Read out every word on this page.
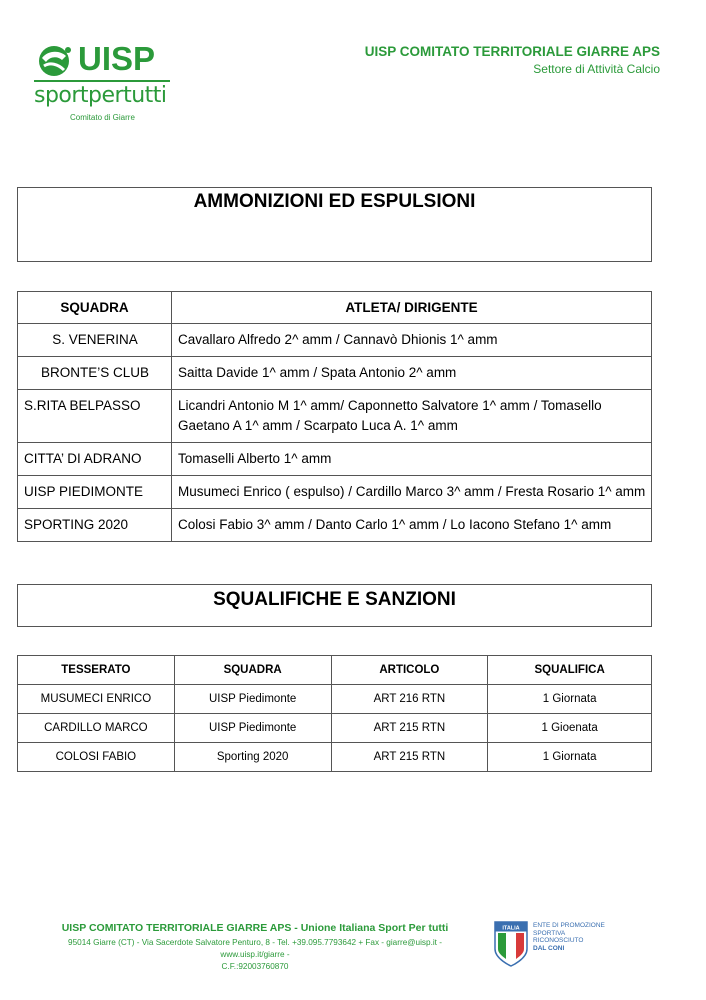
UISP
sportpertutti
Comitato di Giarre
UISP COMITATO TERRITORIALE GIARRE APS
Settore di Attività Calcio
AMMONIZIONI ED ESPULSIONI
SQUADRA	ATLETA/ DIRIGENTE
S. VENERINA	Cavallaro Alfredo 2^ amm / Cannavò Dhionis 1^ amm
BRONTE’S CLUB	Saitta Davide 1^ amm / Spata Antonio 2^ amm
S.RITA BELPASSO	Licandri Antonio M 1^ amm/ Caponnetto Salvatore 1^ amm / Tomasello Gaetano A 1^ amm / Scarpato Luca A. 1^ amm
CITTA’ DI ADRANO	Tomaselli Alberto 1^ amm
UISP PIEDIMONTE	Musumeci Enrico ( espulso) / Cardillo Marco 3^ amm / Fresta Rosario 1^ amm
SPORTING 2020	Colosi Fabio 3^ amm / Danto Carlo 1^ amm / Lo Iacono Stefano 1^ amm
SQUALIFICHE E SANZIONI
TESSERATO	SQUADRA	ARTICOLO	SQUALIFICA
MUSUMECI ENRICO	UISP Piedimonte	ART 216 RTN	1 Giornata
CARDILLO MARCO	UISP Piedimonte	ART 215 RTN	1 Gioenata
COLOSI FABIO	Sporting 2020	ART 215 RTN	1 Giornata
UISP COMITATO TERRITORIALE GIARRE APS - Unione Italiana Sport Per tutti
95014 Giarre (CT) - Via Sacerdote Salvatore Penturo, 8 - Tel. +39.095.7793642 + Fax - giarre@uisp.it - www.uisp.it/giarre -
C.F.:92003760870
ITALIA ENTE DI PROMOZIONE
SPORTIVA
RICONOSCIUTO
DAL CONI
